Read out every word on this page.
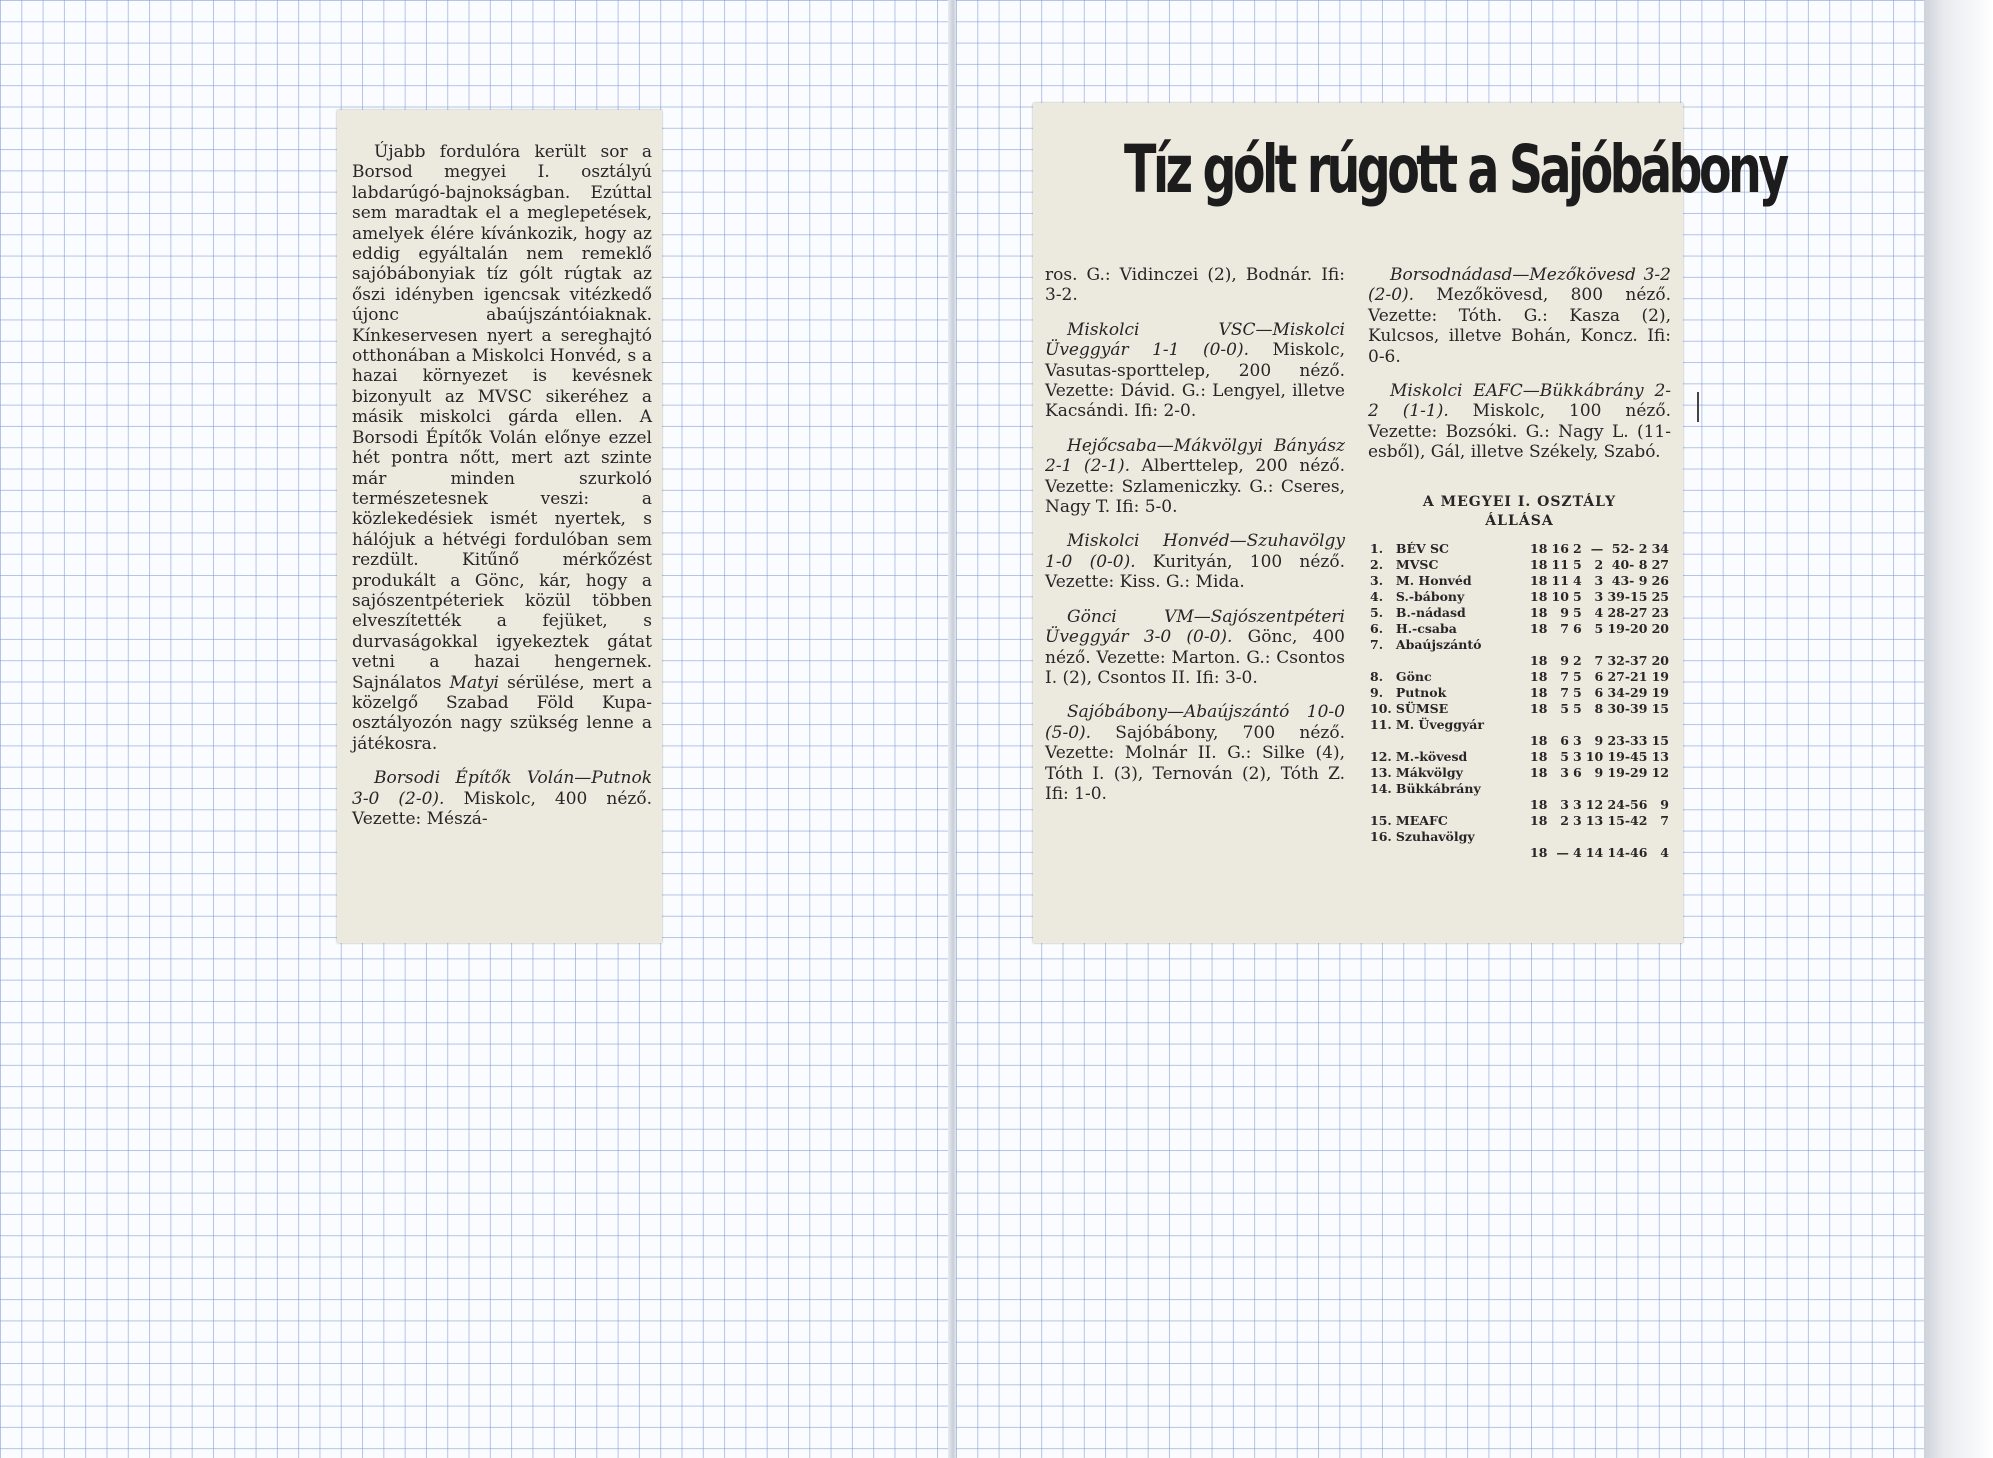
Újabb fordulóra került sor a Borsod megyei I. osztályú labdarúgó-bajnokságban. Ezúttal sem maradtak el a meglepetések, amelyek élére kívánkozik, hogy az eddig egyáltalán nem remeklő sajóbábonyiak tíz gólt rúgtak az őszi idényben igencsak vitézkedő újonc abaújszántóiaknak. Kínkeservesen nyert a sereghajtó otthonában a Miskolci Honvéd, s a hazai környezet is kevésnek bizonyult az MVSC sikeréhez a másik miskolci gárda ellen. A Borsodi Építők Volán előnye ezzel hét pontra nőtt, mert azt szinte már minden szurkoló természetesnek veszi: a közlekedésiek ismét nyertek, s hálójuk a hétvégi fordulóban sem rezdült. Kitűnő mérkőzést produkált a Gönc, kár, hogy a sajószentpéteriek közül többen elveszítették a fejüket, s durvaságokkal igyekeztek gátat vetni a hazai hengernek. Sajnálatos Matyi sérülése, mert a közelgő Szabad Föld Kupa-osztályozón nagy szükség lenne a játékosra.

Borsodi Építők Volán—Putnok 3-0 (2-0). Miskolc, 400 néző. Vezette: Mészá-

Tíz gólt rúgott a Sajóbábony

ros. G.: Vidinczei (2), Bodnár. Ifi: 3-2.

Miskolci VSC—Miskolci Üveggyár 1-1 (0-0). Miskolc, Vasutas-sporttelep, 200 néző. Vezette: Dávid. G.: Lengyel, illetve Kacsándi. Ifi: 2-0.

Hejőcsaba—Mákvölgyi Bányász 2-1 (2-1). Alberttelep, 200 néző. Vezette: Szlameniczky. G.: Cseres, Nagy T. Ifi: 5-0.

Miskolci Honvéd—Szuhavölgy 1-0 (0-0). Kurityán, 100 néző. Vezette: Kiss. G.: Mida.

Gönci VM—Sajószentpéteri Üveggyár 3-0 (0-0). Gönc, 400 néző. Vezette: Marton. G.: Csontos I. (2), Csontos II. Ifi: 3-0.

Sajóbábony—Abaújszántó 10-0 (5-0). Sajóbábony, 700 néző. Vezette: Molnár II. G.: Silke (4), Tóth I. (3), Ternován (2), Tóth Z. Ifi: 1-0.

Borsodnádasd—Mezőkövesd 3-2 (2-0). Mezőkövesd, 800 néző. Vezette: Tóth. G.: Kasza (2), Kulcsos, illetve Bohán, Koncz. Ifi: 0-6.

Miskolci EAFC—Bükkábrány 2-2 (1-1). Miskolc, 100 néző. Vezette: Bozsóki. G.: Nagy L. (11-esből), Gál, illetve Székely, Szabó.

A MEGYEI I. OSZTÁLY
ÁLLÁSA
1.	BÉV SC	18	16	2	—	52- 2	34
2.	MVSC	18	11	5	2	40- 8	27
3.	M. Honvéd	18	11	4	3	43- 9	26
4.	S.-bábony	18	10	5	3	39-15	25
5.	B.-nádasd	18	9	5	4	28-27	23
6.	H.-csaba	18	7	6	5	19-20	20
7.	Abaújszántó						
		18	9	2	7	32-37	20
8.	Gönc	18	7	5	6	27-21	19
9.	Putnok	18	7	5	6	34-29	19
10.	SÜMSE	18	5	5	8	30-39	15
11.	M. Üveggyár						
		18	6	3	9	23-33	15
12.	M.-kövesd	18	5	3	10	19-45	13
13.	Mákvölgy	18	3	6	9	19-29	12
14.	Bükkábrány						
		18	3	3	12	24-56	9
15.	MEAFC	18	2	3	13	15-42	7
16.	Szuhavölgy						
		18	—	4	14	14-46	4
